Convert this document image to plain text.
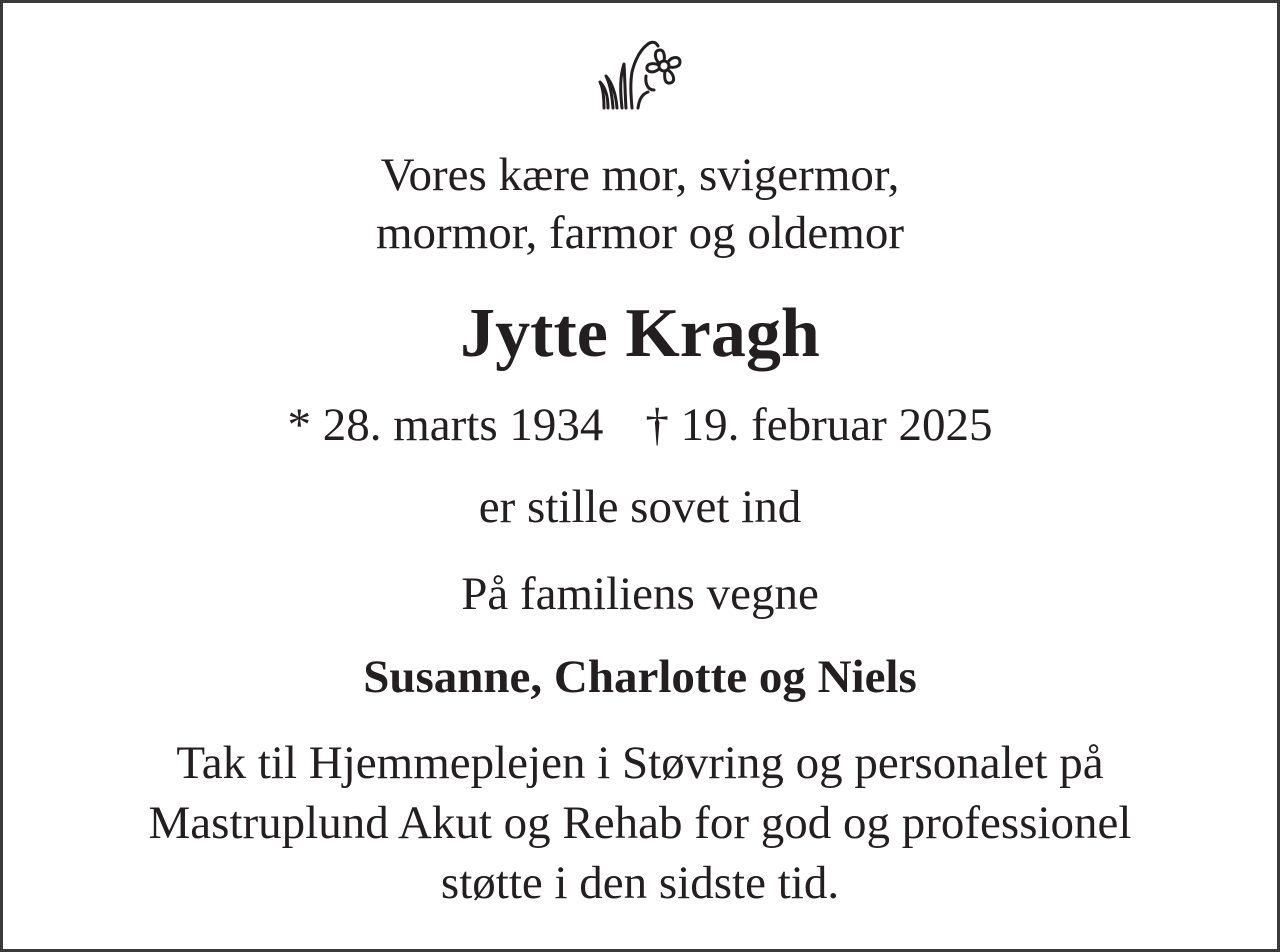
Vores kære mor, svigermor,
mormor, farmor og oldemor
Jytte Kragh
* 28. marts 1934 † 19. februar 2025
er stille sovet ind
På familiens vegne
Susanne, Charlotte og Niels
Tak til Hjemmeplejen i Støvring og personalet på
Mastruplund Akut og Rehab for god og professionel
støtte i den sidste tid.
